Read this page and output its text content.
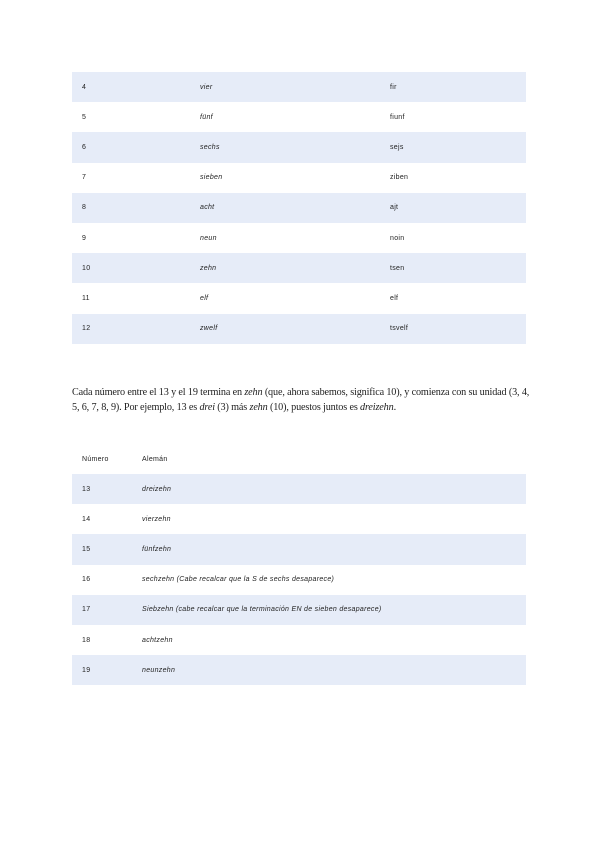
4	vier	fir
5	fünf	fiunf
6	sechs	sejs
7	sieben	ziben
8	acht	ajt
9	neun	noin
10	zehn	tsen
11	elf	elf
12	zwelf	tsvelf

Cada número entre el 13 y el 19 termina en zehn (que, ahora sabemos, significa 10), y comienza con su unidad (3, 4, 5, 6, 7, 8, 9). Por ejemplo, 13 es drei (3) más zehn (10), puestos juntos es dreizehn.

Número	Alemán
13	dreizehn
14	vierzehn
15	fünfzehn
16	sechzehn (Cabe recalcar que la S de sechs desaparece)
17	Siebzehn (cabe recalcar que la terminación EN de sieben desaparece)
18	achtzehn
19	neunzehn
